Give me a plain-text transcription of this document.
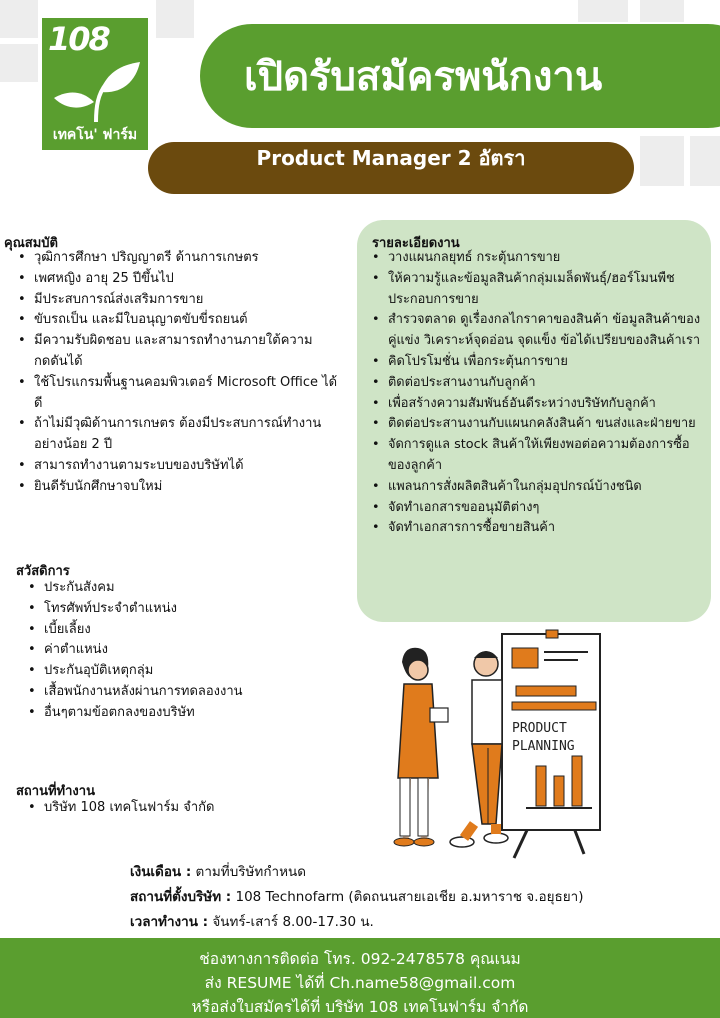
108
เทคโน' ฟาร์ม
เปิดรับสมัครพนักงาน
Product Manager 2 อัตรา
คุณสมบัติ
• วุฒิการศึกษา ปริญญาตรี ด้านการเกษตร
• เพศหญิง อายุ 25 ปีขึ้นไป
• มีประสบการณ์ส่งเสริมการขาย
• ขับรถเป็น และมีใบอนุญาตขับขี่รถยนต์
• มีความรับผิดชอบ และสามารถทำงานภายใต้ความกดดันได้
• ใช้โปรแกรมพื้นฐานคอมพิวเตอร์ Microsoft Office ได้ดี
• ถ้าไม่มีวุฒิด้านการเกษตร ต้องมีประสบการณ์ทำงานอย่างน้อย 2 ปี
• สามารถทำงานตามระบบของบริษัทได้
• ยินดีรับนักศึกษาจบใหม่
สวัสดิการ
• ประกันสังคม
• โทรศัพท์ประจำตำแหน่ง
• เบี้ยเลี้ยง
• ค่าตำแหน่ง
• ประกันอุบัติเหตุกลุ่ม
• เสื้อพนักงานหลังผ่านการทดลองงาน
• อื่นๆตามข้อตกลงของบริษัท
สถานที่ทำงาน
• บริษัท 108 เทคโนฟาร์ม จำกัด
รายละเอียดงาน
• วางแผนกลยุทธ์ กระตุ้นการขาย
• ให้ความรู้และข้อมูลสินค้ากลุ่มเมล็ดพันธุ์/ฮอร์โมนพืชประกอบการขาย
• สำรวจตลาด ดูเรื่องกลไกราคาของสินค้า ข้อมูลสินค้าของคู่แข่ง วิเคราะห์จุดอ่อน จุดแข็ง ข้อได้เปรียบของสินค้าเรา
• คิดโปรโมชั่น เพื่อกระตุ้นการขาย
• ติดต่อประสานงานกับลูกค้า
• เพื่อสร้างความสัมพันธ์อันดีระหว่างบริษัทกับลูกค้า
• ติดต่อประสานงานกับแผนกคลังสินค้า ขนส่งและฝ่ายขาย
• จัดการดูแล stock สินค้าให้เพียงพอต่อความต้องการซื้อของลูกค้า
• แพลนการสั่งผลิตสินค้าในกลุ่มอุปกรณ์บ้างชนิด
• จัดทำเอกสารขออนุมัติต่างๆ
• จัดทำเอกสารการซื้อขายสินค้า
PRODUCT
PLANNING
เงินเดือน : ตามที่บริษัทกำหนด
สถานที่ตั้งบริษัท : 108 Technofarm (ติดถนนสายเอเชีย อ.มหาราช จ.อยุธยา)
เวลาทำงาน : จันทร์-เสาร์ 8.00-17.30 น.
ช่องทางการติดต่อ โทร. 092-2478578 คุณเนม
ส่ง RESUME ได้ที่ Ch.name58@gmail.com
หรือส่งใบสมัครได้ที่ บริษัท 108 เทคโนฟาร์ม จำกัด
